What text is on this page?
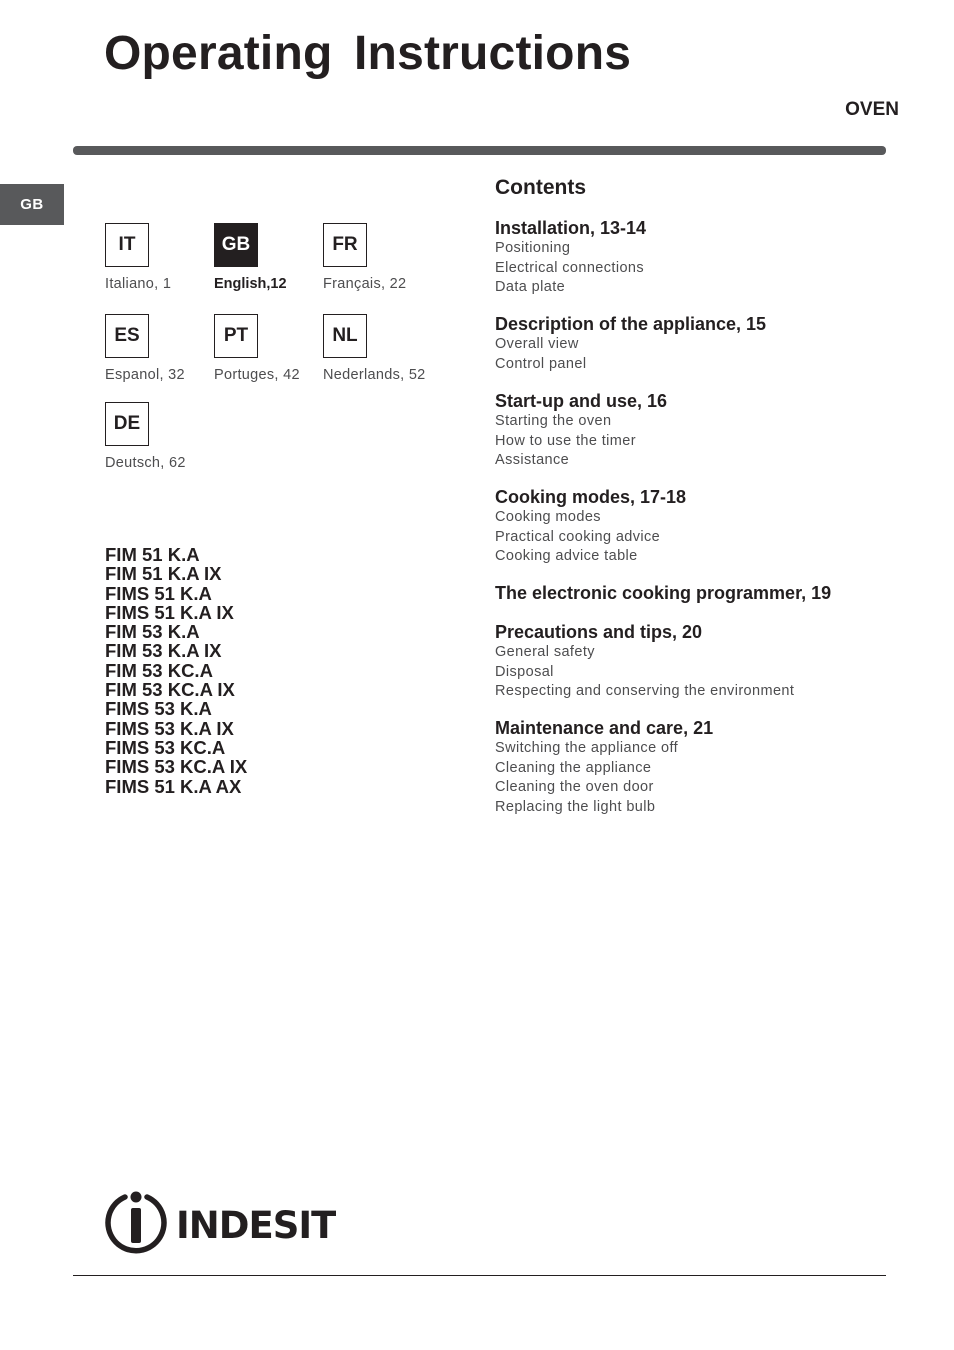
Operating Instructions
OVEN
GB
IT
Italiano, 1
GB
English,12
FR
Français, 22
ES
Espanol, 32
PT
Portuges, 42
NL
Nederlands, 52
DE
Deutsch, 62
FIM 51 K.A
FIM 51 K.A IX
FIMS 51 K.A
FIMS 51 K.A IX
FIM 53 K.A
FIM 53 K.A IX
FIM 53 KC.A
FIM 53 KC.A IX
FIMS 53 K.A
FIMS 53 K.A IX
FIMS 53 KC.A
FIMS 53 KC.A IX
FIMS 51 K.A AX
Contents
Installation, 13-14
Positioning
Electrical connections
Data plate
Description of the appliance, 15
Overall view
Control panel
Start-up and use, 16
Starting the oven
How to use the timer
Assistance
Cooking modes, 17-18
Cooking modes
Practical cooking advice
Cooking advice table
The electronic cooking programmer, 19
Precautions and tips, 20
General safety
Disposal
Respecting and conserving the environment
Maintenance and care, 21
Switching the appliance off
Cleaning the appliance
Cleaning the oven door
Replacing the light bulb
INDESIT
